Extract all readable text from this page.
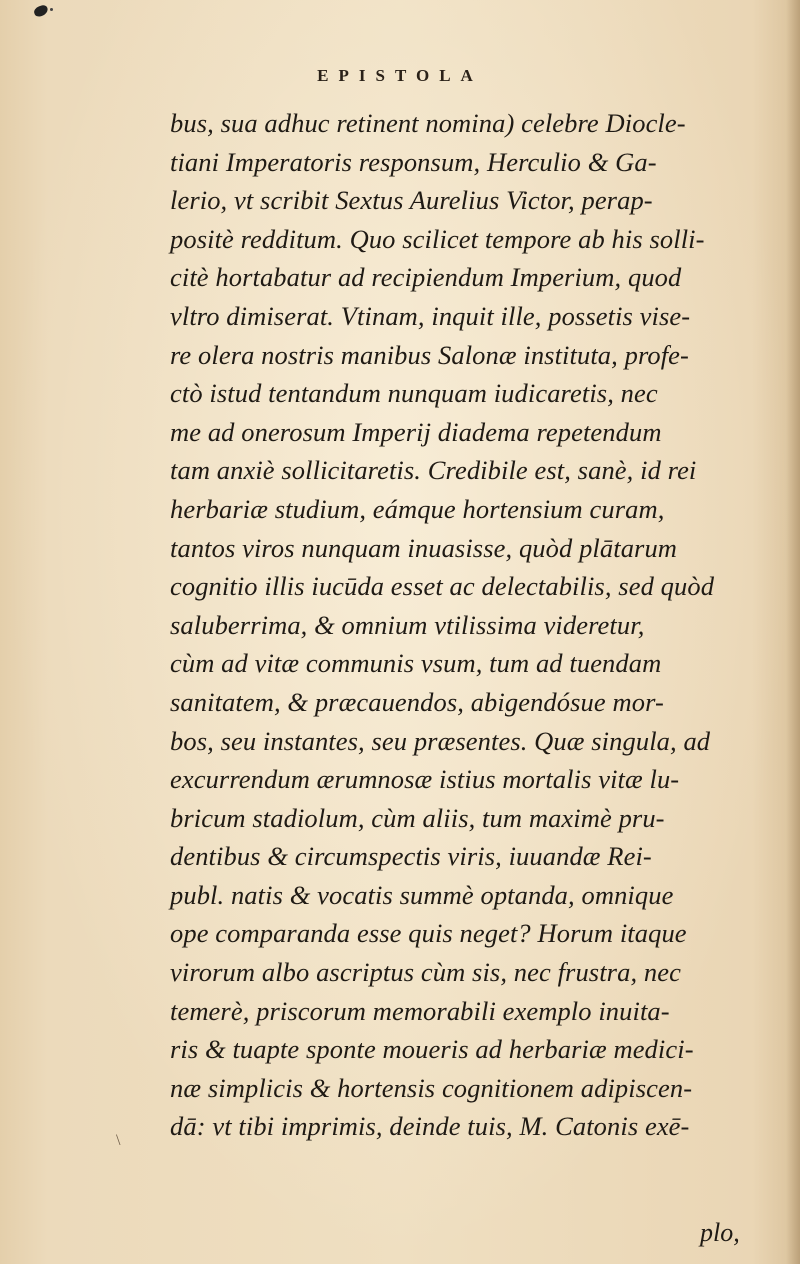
EPISTOLA
bus, sua adhuc retinent nomina) celebre Diocle-
tiani Imperatoris responsum, Herculio & Ga-
lerio, vt scribit Sextus Aurelius Victor, perap-
positè redditum. Quo scilicet tempore ab his solli-
citè hortabatur ad recipiendum Imperium, quod
vltro dimiserat. Vtinam, inquit ille, possetis vise-
re olera nostris manibus Salonæ instituta, profe-
ctò istud tentandum nunquam iudicaretis, nec
me ad onerosum Imperij diadema repetendum
tam anxiè sollicitaretis. Credibile est, sanè, id rei
herbariæ studium, eámque hortensium curam,
tantos viros nunquam inuasisse, quòd plātarum
cognitio illis iucūda esset ac delectabilis, sed quòd
saluberrima, & omnium vtilissima videretur,
cùm ad vitæ communis vsum, tum ad tuendam
sanitatem, & præcauendos, abigendósue mor-
bos, seu instantes, seu præsentes. Quæ singula, ad
excurrendum ærumnosæ istius mortalis vitæ lu-
bricum stadiolum, cùm aliis, tum maximè pru-
dentibus & circumspectis viris, iuuandæ Rei-
publ. natis & vocatis summè optanda, omnique
ope comparanda esse quis neget? Horum itaque
virorum albo ascriptus cùm sis, nec frustra, nec
temerè, priscorum memorabili exemplo inuita-
ris & tuapte sponte moueris ad herbariæ medici-
næ simplicis & hortensis cognitionem adipiscen-
dā: vt tibi imprimis, deinde tuis, M. Catonis exē-
\

plo,
